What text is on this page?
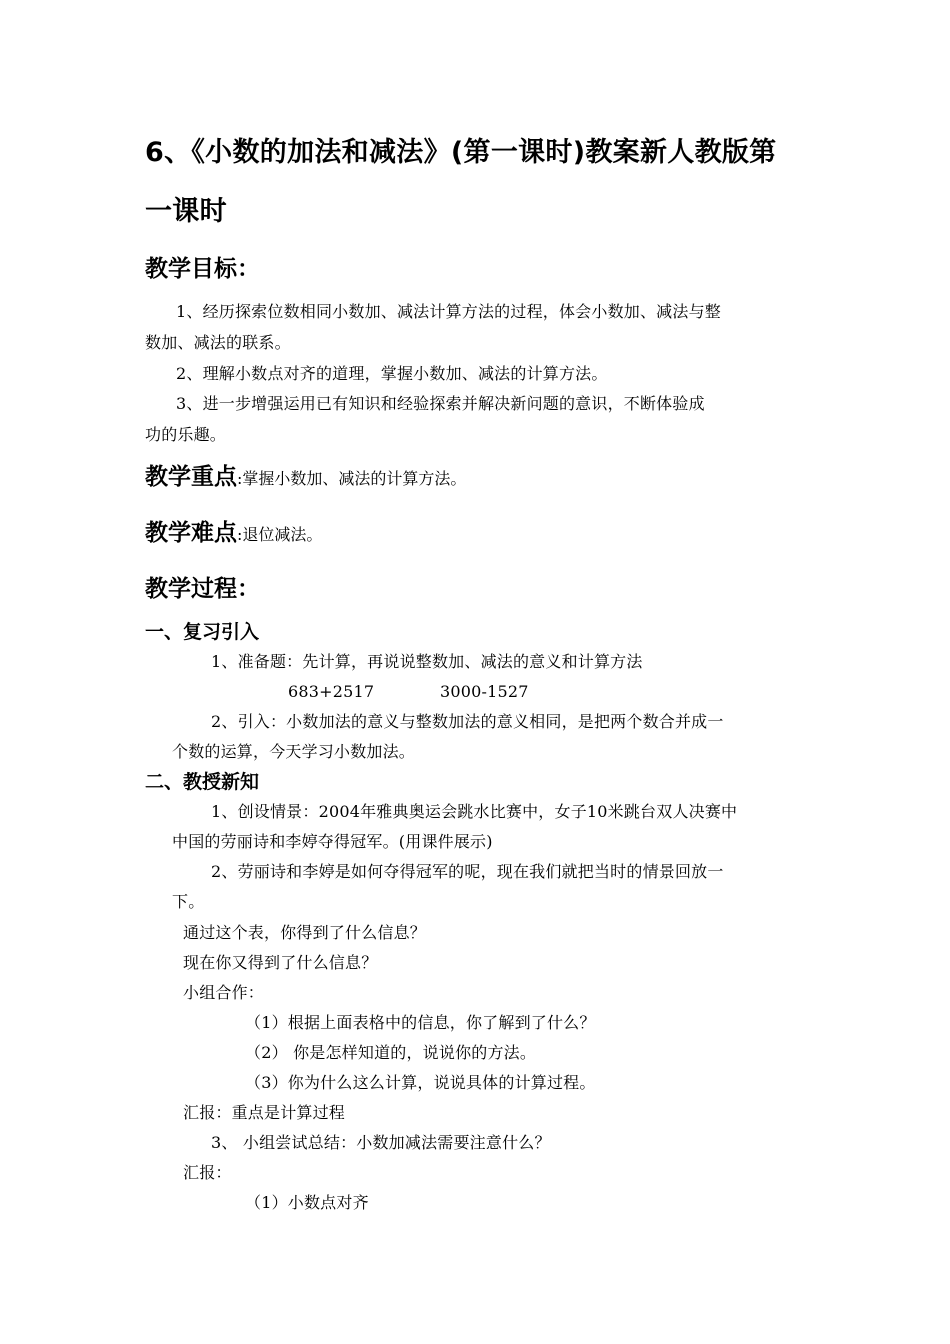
6、《小数的加法和减法》(第一课时)教案新人教版第
一课时
教学目标：
1、经历探索位数相同小数加、减法计算方法的过程，体会小数加、减法与整
数加、减法的联系。
2、理解小数点对齐的道理，掌握小数加、减法的计算方法。
3、进一步增强运用已有知识和经验探索并解决新问题的意识，不断体验成
功的乐趣。
教学重点:掌握小数加、减法的计算方法。
教学难点:退位减法。
教学过程：
一、复习引入
1、准备题：先计算，再说说整数加、减法的意义和计算方法
683+2517	3000-1527
2、引入：小数加法的意义与整数加法的意义相同，是把两个数合并成一
个数的运算，今天学习小数加法。
二、教授新知
1、创设情景：2004年雅典奥运会跳水比赛中，女子10米跳台双人决赛中
中国的劳丽诗和李婷夺得冠军。(用课件展示)
2、劳丽诗和李婷是如何夺得冠军的呢，现在我们就把当时的情景回放一
下。
通过这个表，你得到了什么信息？
现在你又得到了什么信息？
小组合作：
（1）根据上面表格中的信息，你了解到了什么？
（2） 你是怎样知道的，说说你的方法。
（3）你为什么这么计算，说说具体的计算过程。
汇报：重点是计算过程
3、 小组尝试总结：小数加减法需要注意什么？
汇报：
（1）小数点对齐
